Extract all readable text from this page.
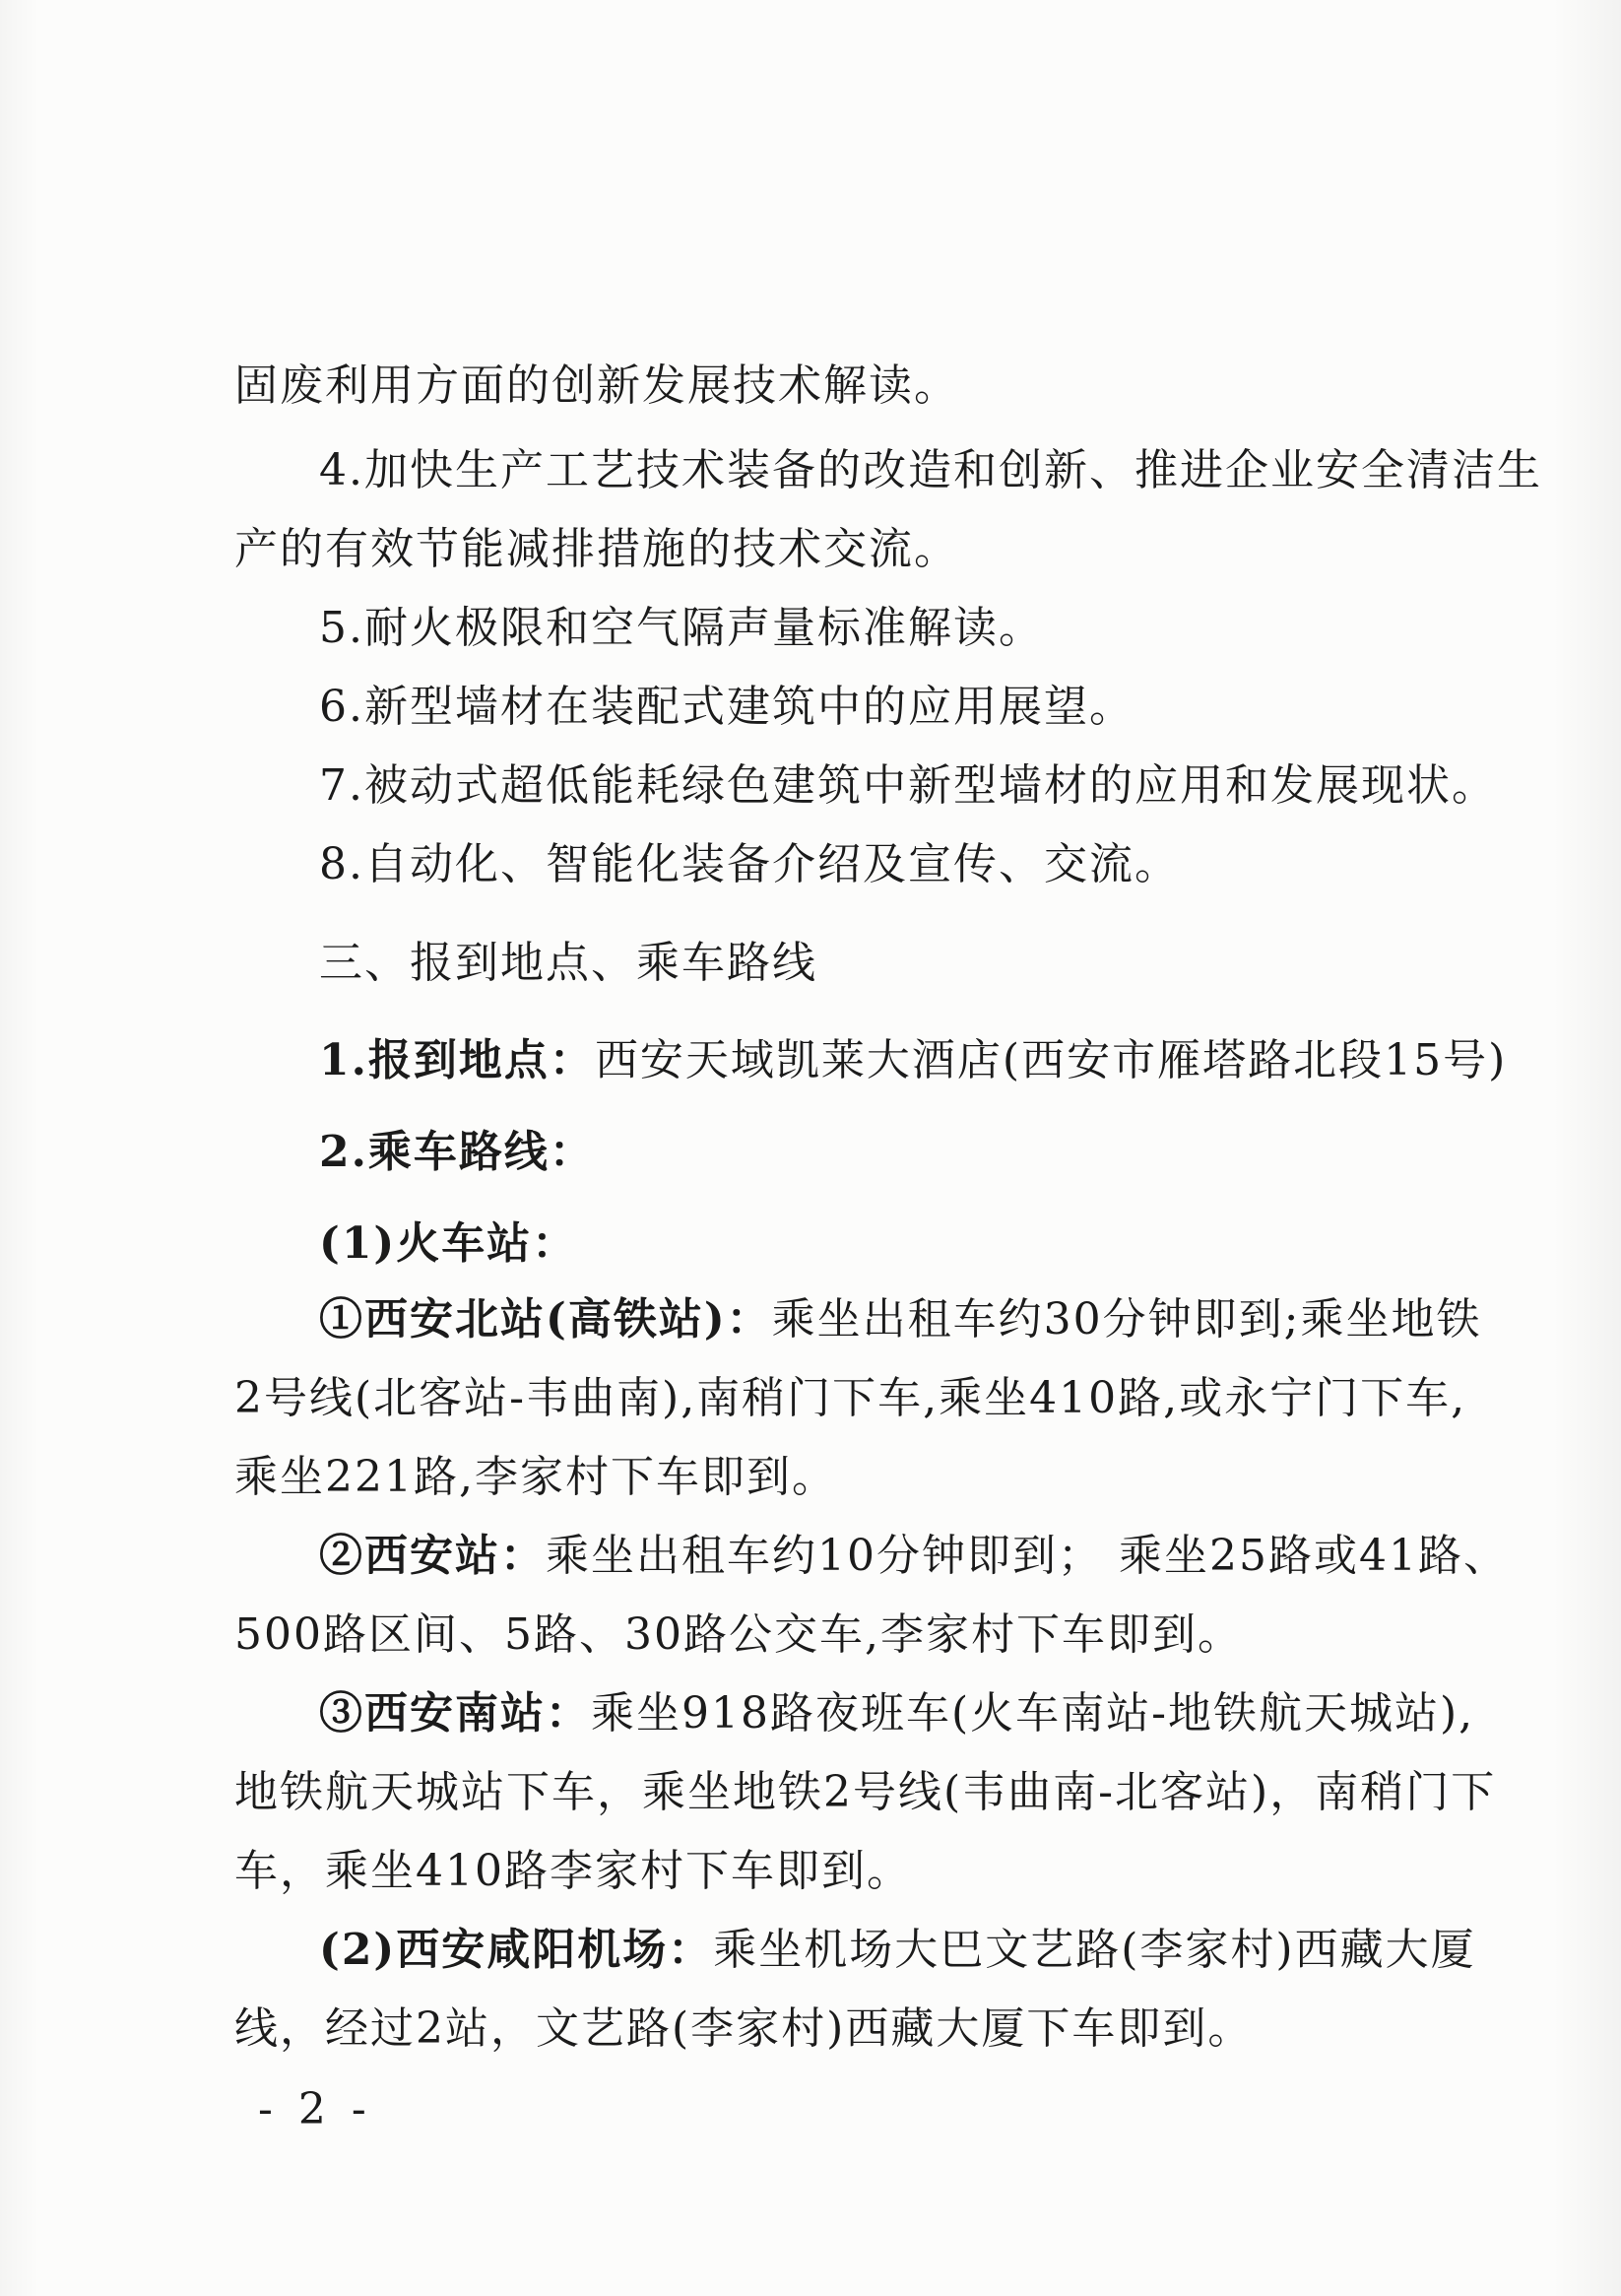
固废利用方面的创新发展技术解读。
4.加快生产工艺技术装备的改造和创新、推进企业安全清洁生
产的有效节能减排措施的技术交流。
5.耐火极限和空气隔声量标准解读。
6.新型墙材在装配式建筑中的应用展望。
7.被动式超低能耗绿色建筑中新型墙材的应用和发展现状。
8.自动化、智能化装备介绍及宣传、交流。
三、报到地点、乘车路线
1.报到地点：西安天域凯莱大酒店(西安市雁塔路北段15号)
2.乘车路线：
(1)火车站：
①西安北站(高铁站)：乘坐出租车约30分钟即到;乘坐地铁
2号线(北客站-韦曲南),南稍门下车,乘坐410路,或永宁门下车,
乘坐221路,李家村下车即到。
②西安站：乘坐出租车约10分钟即到； 乘坐25路或41路、
500路区间、5路、30路公交车,李家村下车即到。
③西安南站：乘坐918路夜班车(火车南站-地铁航天城站),
地铁航天城站下车，乘坐地铁2号线(韦曲南-北客站)，南稍门下
车，乘坐410路李家村下车即到。
(2)西安咸阳机场：乘坐机场大巴文艺路(李家村)西藏大厦
线，经过2站，文艺路(李家村)西藏大厦下车即到。
- 2 -
